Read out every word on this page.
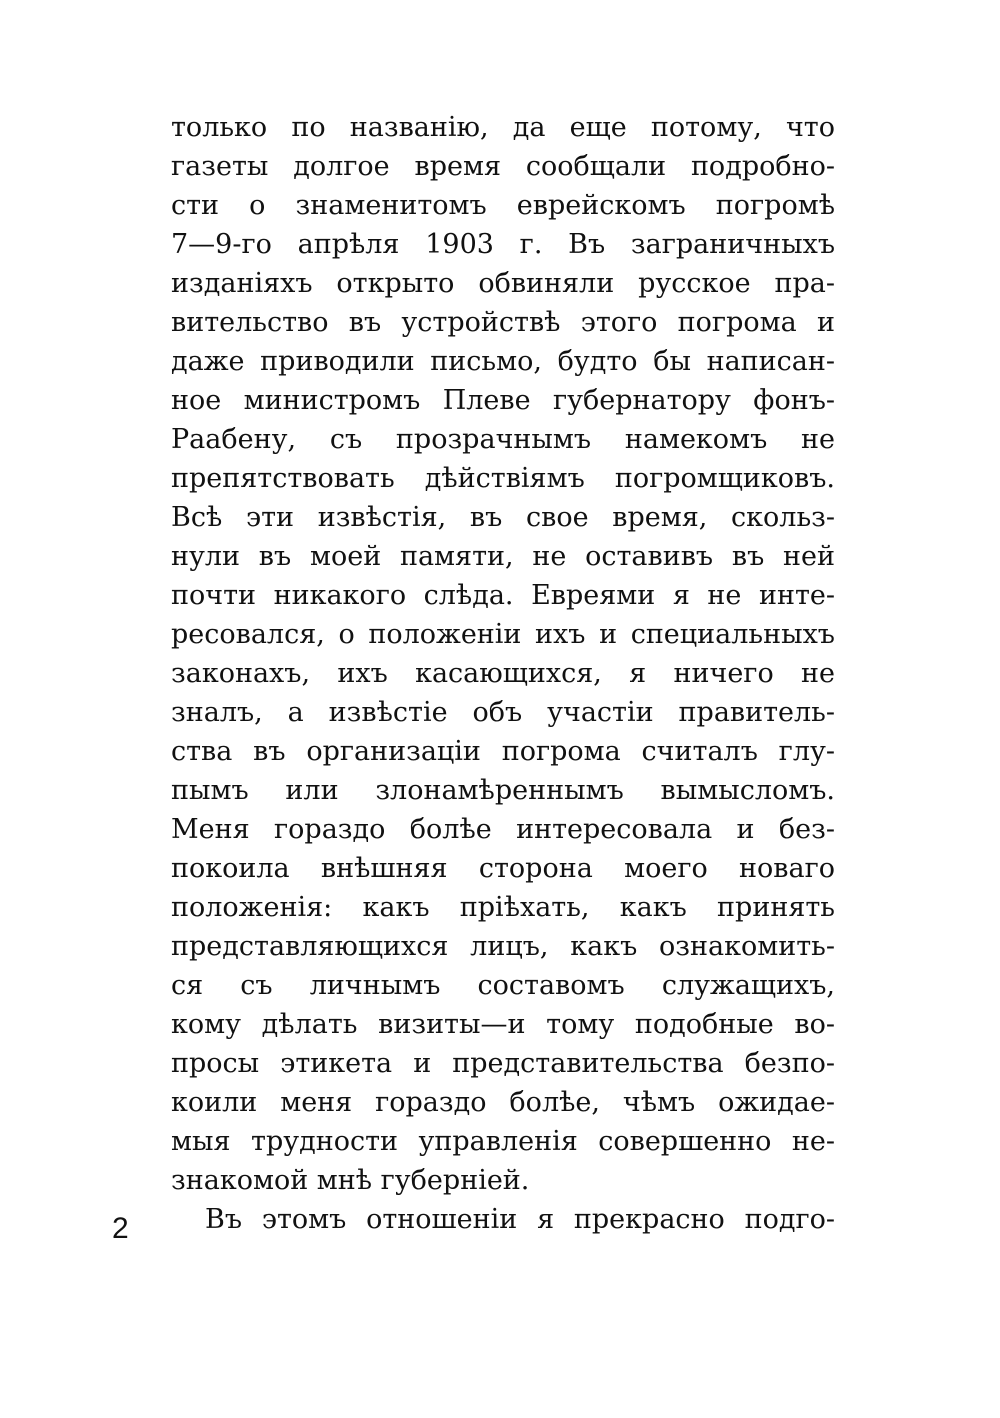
только по названію, да еще потому, что
газеты долгое время сообщали подробно-
сти о знаменитомъ еврейскомъ погромѣ
7—9-го апрѣля 1903 г. Въ заграничныхъ
изданіяхъ открыто обвиняли русское пра-
вительство въ устройствѣ этого погрома и
даже приводили письмо, будто бы написан-
ное министромъ Плеве губернатору фонъ-
Раабену, съ прозрачнымъ намекомъ не
препятствовать дѣйствіямъ погромщиковъ.
Всѣ эти извѣстія, въ свое время, скольз-
нули въ моей памяти, не оставивъ въ ней
почти никакого слѣда. Евреями я не инте-
ресовался, о положеніи ихъ и специальныхъ
законахъ, ихъ касающихся, я ничего не
зналъ, а извѣстіе объ участіи правитель-
ства въ организаціи погрома считалъ глу-
пымъ или злонамѣреннымъ вымысломъ.
Меня гораздо болѣе интересовала и без-
покоила внѣшняя сторона моего новаго
положенія: какъ пріѣхать, какъ принять
представляющихся лицъ, какъ ознакомить-
ся съ личнымъ составомъ служащихъ,
кому дѣлать визиты—и тому подобные во-
просы этикета и представительства безпо-
коили меня гораздо болѣе, чѣмъ ожидае-
мыя трудности управленія совершенно не-
знакомой мнѣ губерніей.
Въ этомъ отношеніи я прекрасно подго-
2
